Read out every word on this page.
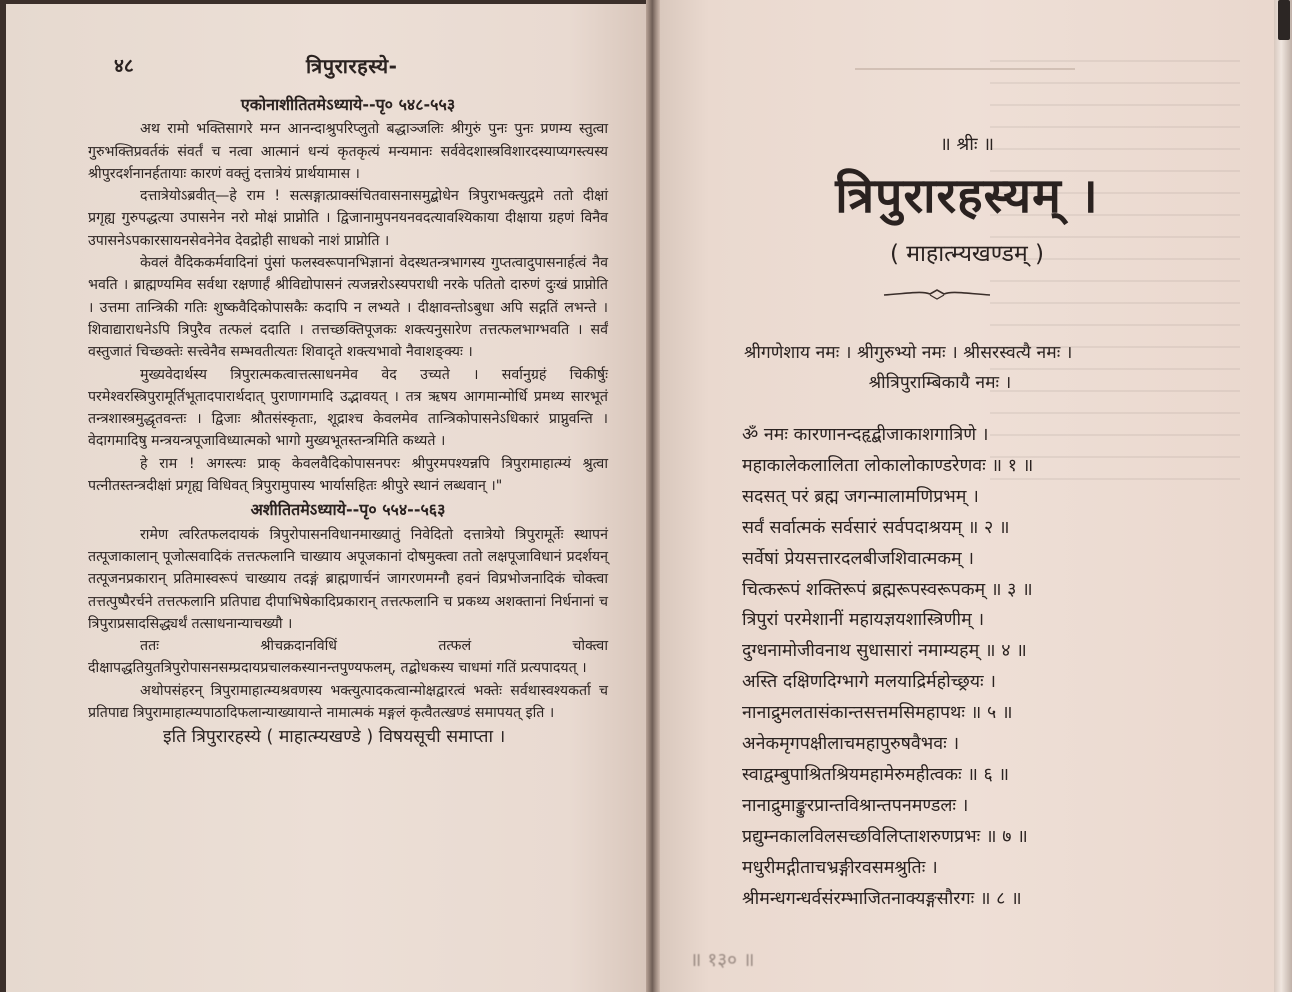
४८	त्रिपुरारहस्ये-
एकोनाशीतितमेऽध्याये--पृ० ५४८-५५३

अथ रामो भक्तिसागरे मग्न आनन्दाश्रुपरिप्लुतो बद्धाञ्जलिः श्रीगुरुं पुनः पुनः प्रणम्य स्तुत्वा गुरुभक्तिप्रवर्तकं संवर्तं च नत्वा आत्मानं धन्यं कृतकृत्यं मन्यमानः सर्ववेदशास्त्रविशारदस्याप्यगस्त्यस्य श्रीपुरदर्शनानर्हतायाः कारणं वक्तुं दत्तात्रेयं प्रार्थयामास ।

दत्तात्रेयोऽब्रवीत्—हे राम ! सत्सङ्गात्प्राक्संचितवासनासमुद्बोधेन त्रिपुराभक्त्युद्गमे ततो दीक्षां प्रगृह्य गुरुपद्धत्या उपासनेन नरो मोक्षं प्राप्नोति । द्विजानामुपनयनवदत्यावश्यिकाया दीक्षाया ग्रहणं विनैव उपासनेऽपकारसायनसेवनेनेव देवद्रोही साधको नाशं प्राप्नोति ।

केवलं वैदिककर्मवादिनां पुंसां फलस्वरूपानभिज्ञानां वेदस्थतन्त्रभागस्य गुप्तत्वादुपासनार्हत्वं नैव भवति । ब्राह्मण्यमिव सर्वथा रक्षणार्हं श्रीविद्योपासनं त्यजन्नरोऽस्यपराधी नरके पतितो दारुणं दुःखं प्राप्नोति । उत्तमा तान्त्रिकी गतिः शुष्कवैदिकोपासकैः कदापि न लभ्यते । दीक्षावन्तोऽबुधा अपि सद्गतिं लभन्ते । शिवाद्याराधनेऽपि त्रिपुरैव तत्फलं ददाति । तत्तच्छक्तिपूजकः शक्त्यनुसारेण तत्तत्फलभाग्भवति । सर्वं वस्तुजातं चिच्छक्तेः सत्त्वेनैव सम्भवतीत्यतः शिवादृते शक्त्यभावो नैवाशङ्क्यः ।

मुख्यवेदार्थस्य त्रिपुरात्मकत्वात्तत्साधनमेव वेद उच्यते । सर्वानुग्रहं चिकीर्षुः परमेश्वरस्त्रिपुरामूर्तिभूतादपारार्थदात् पुराणागमादि उद्भावयत् । तत्र ऋषय आगमान्मोर्धि प्रमथ्य सारभूतं तन्त्रशास्त्रमुद्धृतवन्तः । द्विजाः श्रौतसंस्कृताः, शूद्राश्च केवलमेव तान्त्रिकोपासनेऽधिकारं प्राप्नुवन्ति । वेदागमादिषु मन्त्रयन्त्रपूजाविध्यात्मको भागो मुख्यभूतस्तन्त्रमिति कथ्यते ।

हे राम ! अगस्त्यः प्राक् केवलवैदिकोपासनपरः श्रीपुरमपश्यन्नपि त्रिपुरामाहात्म्यं श्रुत्वा पत्नीतस्तन्त्रदीक्षां प्रगृह्य विधिवत् त्रिपुरामुपास्य भार्यासहितः श्रीपुरे स्थानं लब्धवान् ।"

अशीतितमेऽध्याये--पृ० ५५४--५६३

रामेण त्वरितफलदायकं त्रिपुरोपासनविधानमाख्यातुं निवेदितो दत्तात्रेयो त्रिपुरामूर्तेः स्थापनं तत्पूजाकालान् पूजोत्सवादिकं तत्तत्फलानि चाख्याय अपूजकानां दोषमुक्त्वा ततो लक्षपूजाविधानं प्रदर्शयन् तत्पूजनप्रकारान् प्रतिमास्वरूपं चाख्याय तदङ्गं ब्राह्मणार्चनं जागरणमग्नौ हवनं विप्रभोजनादिकं चोक्त्वा तत्तत्पुष्पैरर्चने तत्तत्फलानि प्रतिपाद्य दीपाभिषेकादिप्रकारान् तत्तत्फलानि च प्रकथ्य अशक्तानां निर्धनानां च त्रिपुराप्रसादसिद्ध्यर्थं तत्साधनान्याचख्यौ ।

ततः श्रीचक्रदानविधिं तत्फलं चोक्त्वा दीक्षापद्धतियुतत्रिपुरोपासनसम्प्रदायप्रचालकस्यानन्तपुण्यफलम्, तद्बोधकस्य चाधमां गतिं प्रत्यपादयत् ।

अथोपसंहरन् त्रिपुरामाहात्म्यश्रवणस्य भक्त्युत्पादकत्वान्मोक्षद्वारत्वं भक्तेः सर्वथास्वश्यकर्ता च प्रतिपाद्य त्रिपुरामाहात्म्यपाठादिफलान्याख्यायान्ते नामात्मकं मङ्गलं कृत्वैतत्खण्डं समापयत् इति ।

इति त्रिपुरारहस्ये ( माहात्म्यखण्डे ) विषयसूची समाप्ता ।

॥ श्रीः ॥
त्रिपुरारहस्यम् ।
( माहात्म्यखण्डम् )
श्रीगणेशाय नमः । श्रीगुरुभ्यो नमः । श्रीसरस्वत्यै नमः ।
श्रीत्रिपुराम्बिकायै नमः ।
ॐ नमः कारणानन्दहृद्बीजाकाशगात्रिणे ।
महाकालेकलालिता लोकालोकाण्डरेणवः ॥ १ ॥
सदसत् परं ब्रह्म जगन्मालामणिप्रभम् ।
सर्वं सर्वात्मकं सर्वसारं सर्वपदाश्रयम् ॥ २ ॥
सर्वेषां प्रेयसत्तारदलबीजशिवात्मकम् ।
चित्करूपं शक्तिरूपं ब्रह्मरूपस्वरूपकम् ॥ ३ ॥
त्रिपुरां परमेशानीं महायज्ञयशास्त्रिणीम् ।
दुग्धनामोजीवनाथ सुधासारां नमाम्यहम् ॥ ४ ॥
अस्ति दक्षिणदिग्भागे मलयाद्रिर्महोच्छ्रयः ।
नानाद्रुमलतासंकान्तसत्तमसिमहापथः ॥ ५ ॥
अनेकमृगपक्षीलाचमहापुरुषवैभवः ।
स्वाद्वम्बुपाश्रितश्रियमहामेरुमहीत्वकः ॥ ६ ॥
नानाद्रुमाङ्कुरप्रान्तविश्रान्तपनमण्डलः ।
प्रद्युम्नकालविलसच्छविलिप्ताशरुणप्रभः ॥ ७ ॥
मधुरीमद्गीताचभ्रङ्गीरवसमश्रुतिः ।
श्रीमन्धगन्धर्वसंरम्भाजितनाक्यङ्गसौरगः ॥ ८ ॥
॥ १३० ॥
